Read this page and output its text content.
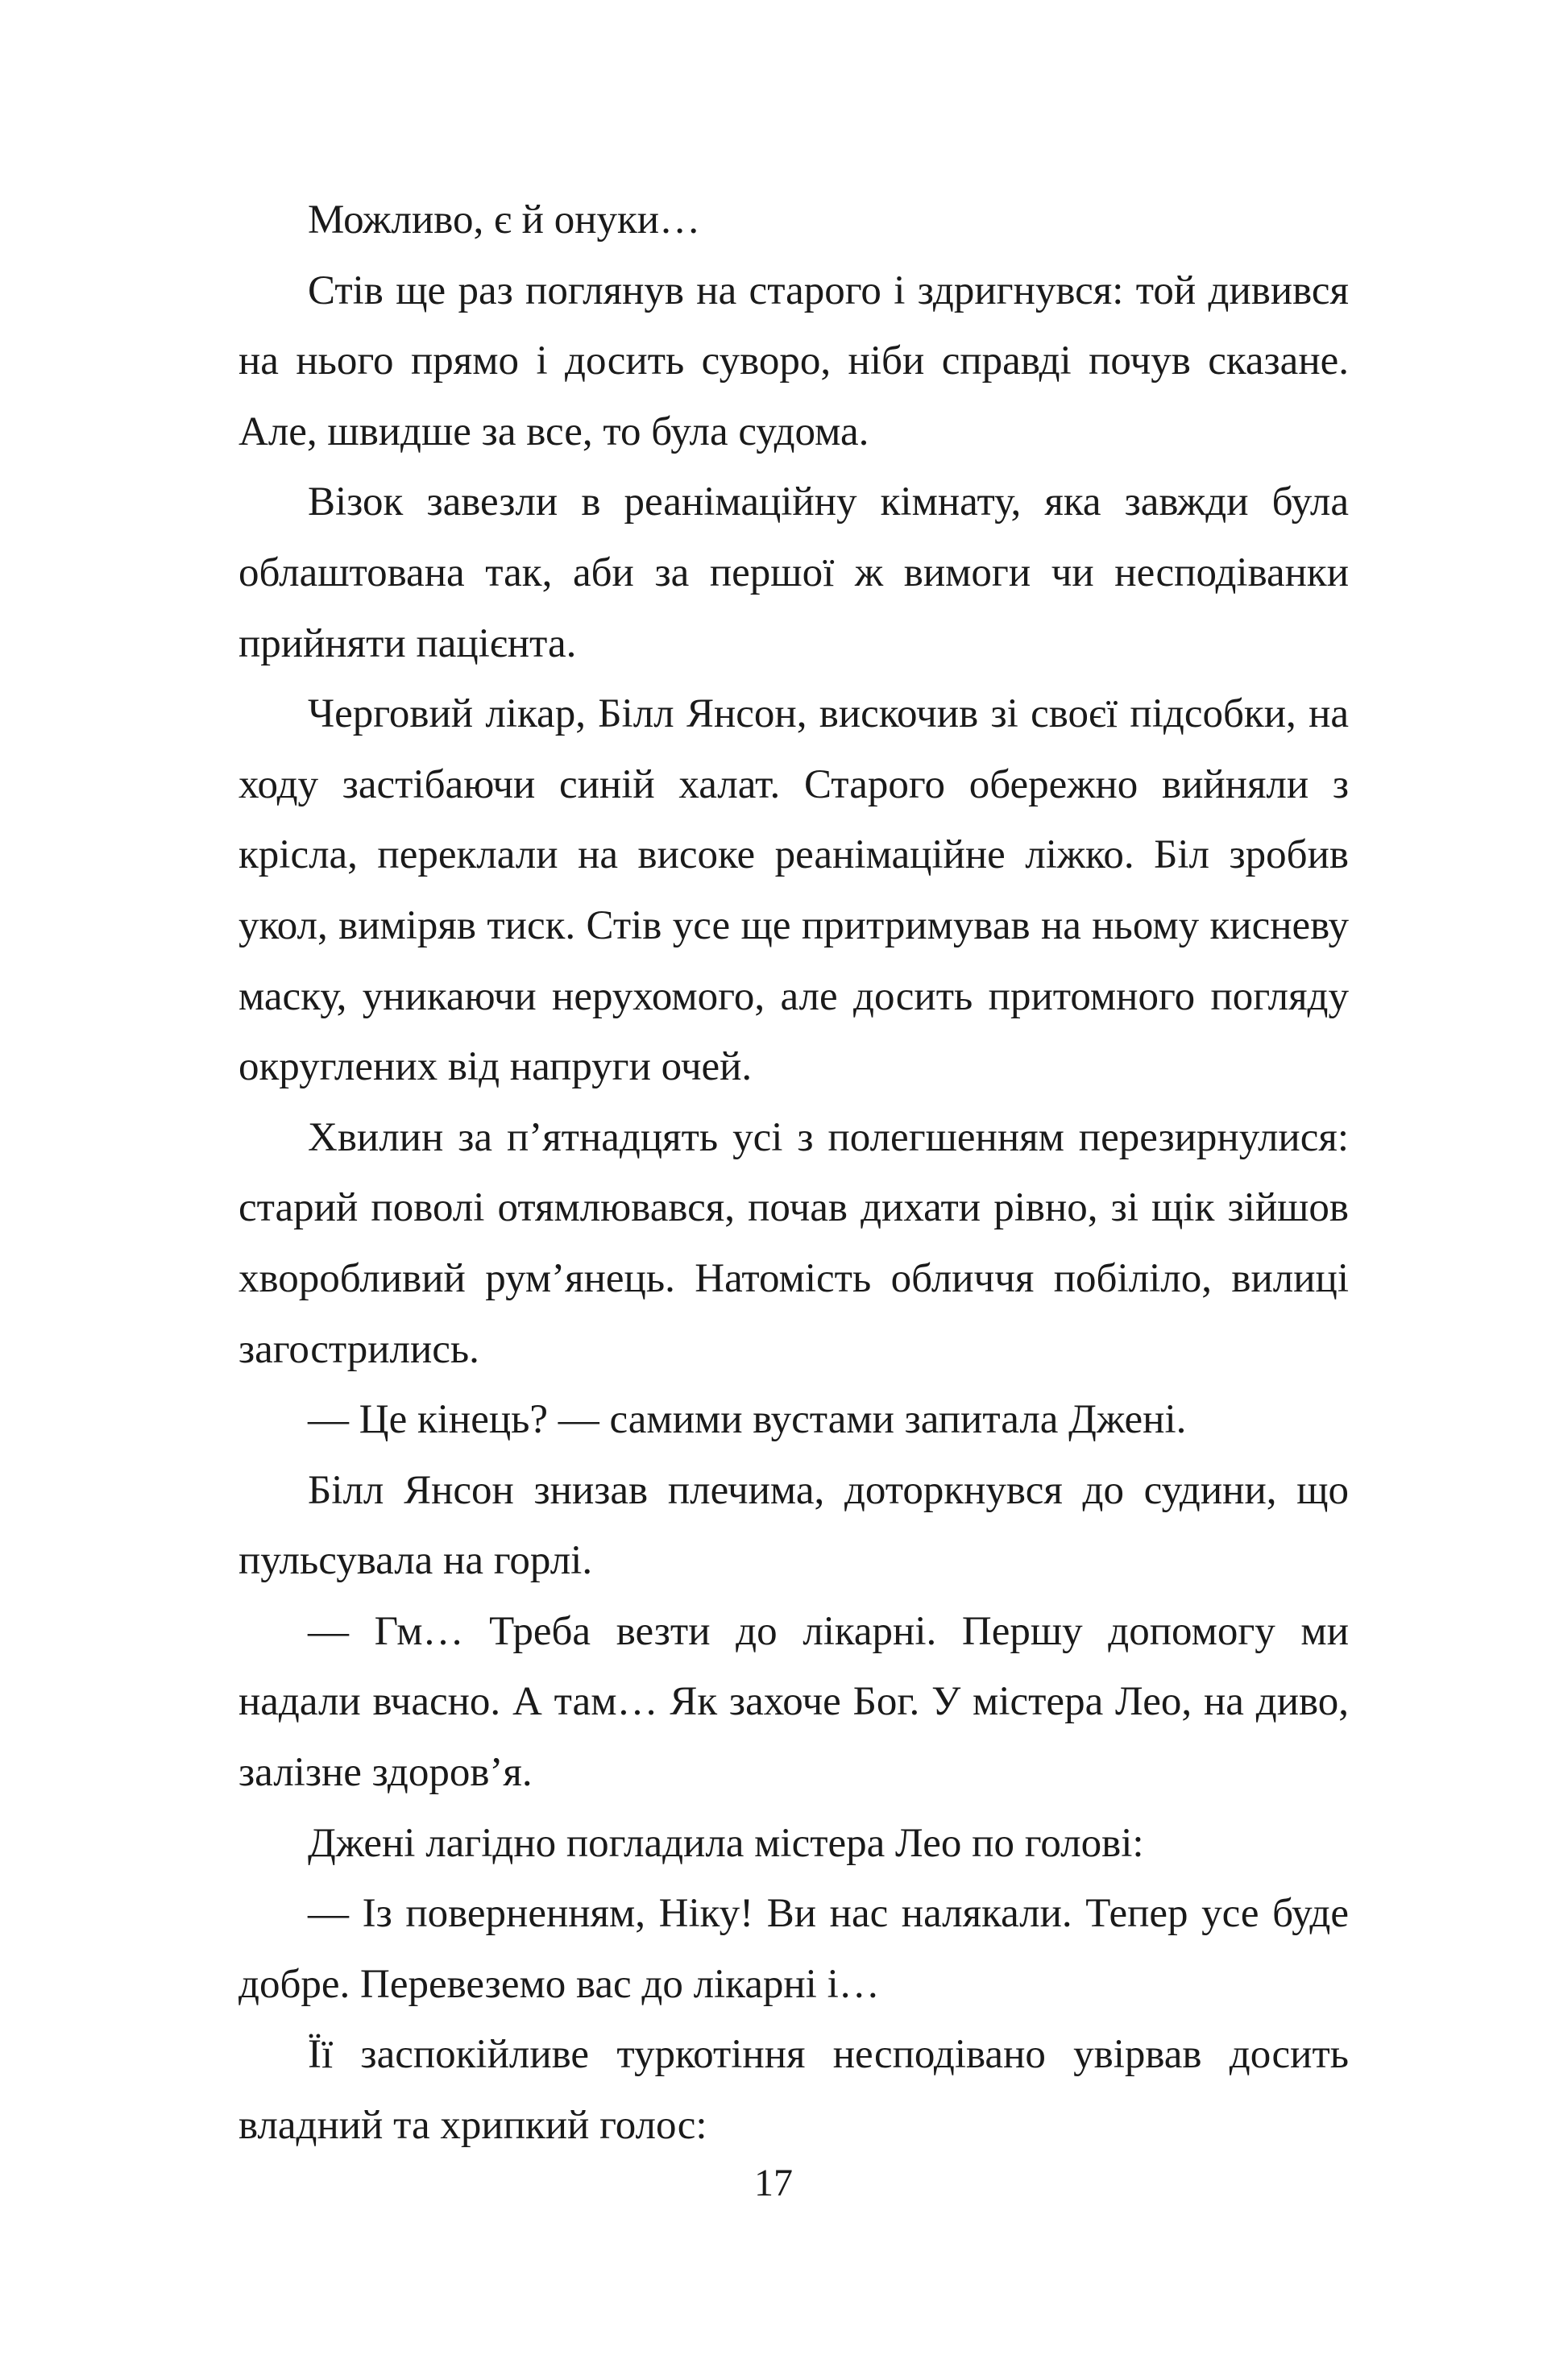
Можливо, є й онуки…

Стів ще раз поглянув на старого і здригнувся: той дивився на нього прямо і досить суворо, ніби справді почув сказане. Але, швидше за все, то була судома.

Візок завезли в реанімаційну кімнату, яка завжди була облаштована так, аби за першої ж вимоги чи несподіванки прийняти пацієнта.

Черговий лікар, Білл Янсон, вискочив зі своєї підсобки, на ходу застібаючи синій халат. Старого обережно вийняли з крісла, переклали на високе реанімаційне ліжко. Біл зробив укол, виміряв тиск. Стів усе ще притримував на ньому кисневу маску, уникаючи нерухомого, але досить притомного погляду округлених від напруги очей.

Хвилин за п’ятнадцять усі з полегшенням перезирнулися: старий поволі отямлювався, почав дихати рівно, зі щік зійшов хворобливий рум’янець. Натомість обличчя побіліло, вилиці загострились.

— Це кінець? — самими вустами запитала Джені.

Білл Янсон знизав плечима, доторкнувся до судини, що пульсувала на горлі.

— Гм… Треба везти до лікарні. Першу допомогу ми надали вчасно. А там… Як захоче Бог. У містера Лео, на диво, залізне здоров’я.

Джені лагідно погладила містера Лео по голові:

— Із поверненням, Ніку! Ви нас налякали. Тепер усе буде добре. Перевеземо вас до лікарні і…

Її заспокійливе туркотіння несподівано увірвав досить владний та хрипкий голос:

17
